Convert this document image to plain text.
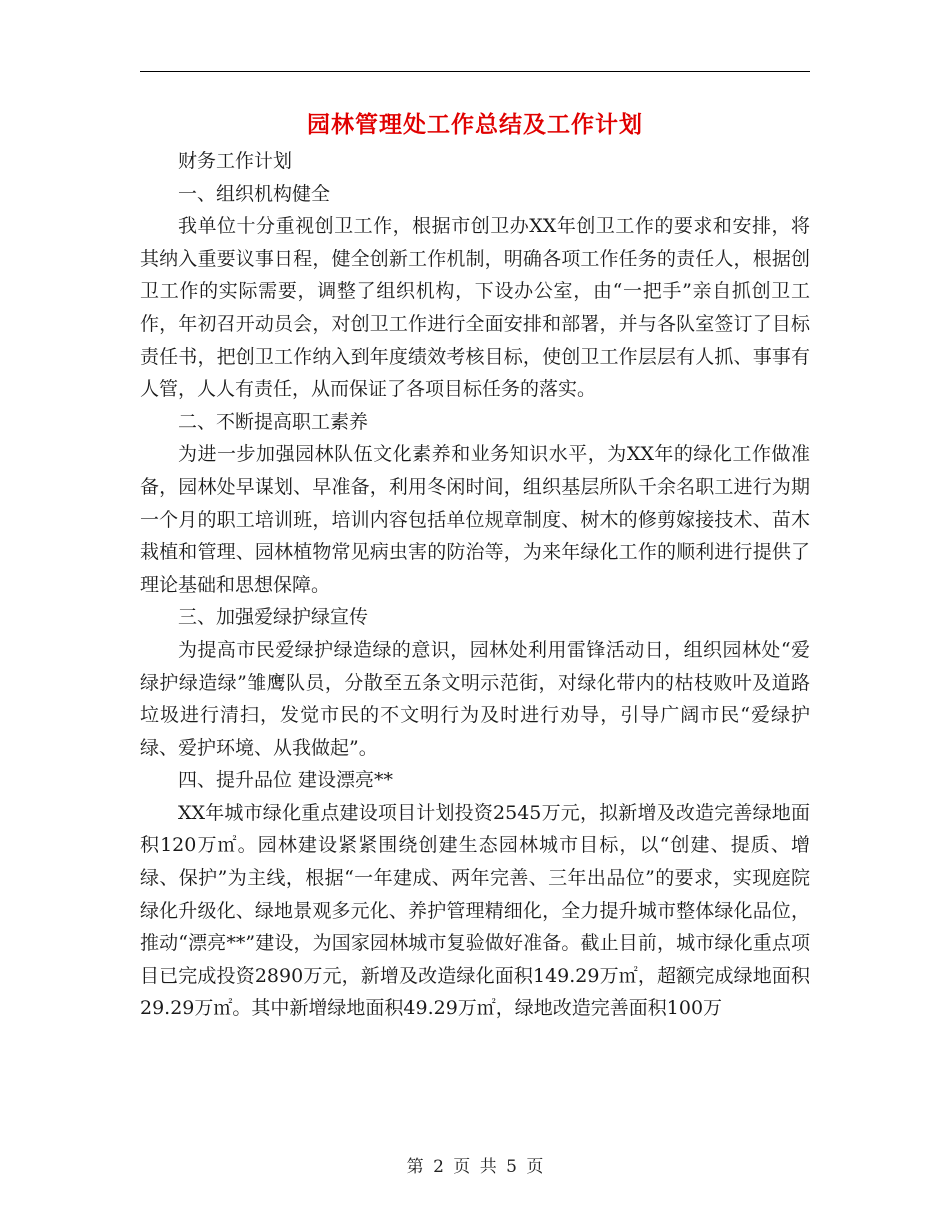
园林管理处工作总结及工作计划

财务工作计划

一、组织机构健全

我单位十分重视创卫工作，根据市创卫办XX年创卫工作的要求和安排，将其纳入重要议事日程，健全创新工作机制，明确各项工作任务的责任人，根据创卫工作的实际需要，调整了组织机构，下设办公室，由“一把手”亲自抓创卫工作，年初召开动员会，对创卫工作进行全面安排和部署，并与各队室签订了目标责任书，把创卫工作纳入到年度绩效考核目标，使创卫工作层层有人抓、事事有人管，人人有责任，从而保证了各项目标任务的落实。

二、不断提高职工素养

为进一步加强园林队伍文化素养和业务知识水平，为XX年的绿化工作做准备，园林处早谋划、早准备，利用冬闲时间，组织基层所队千余名职工进行为期一个月的职工培训班，培训内容包括单位规章制度、树木的修剪嫁接技术、苗木栽植和管理、园林植物常见病虫害的防治等，为来年绿化工作的顺利进行提供了理论基础和思想保障。

三、加强爱绿护绿宣传

为提高市民爱绿护绿造绿的意识，园林处利用雷锋活动日，组织园林处“爱绿护绿造绿”雏鹰队员，分散至五条文明示范街，对绿化带内的枯枝败叶及道路垃圾进行清扫，发觉市民的不文明行为及时进行劝导，引导广阔市民“爱绿护绿、爱护环境、从我做起”。

四、提升品位 建设漂亮**

XX年城市绿化重点建设项目计划投资2545万元，拟新增及改造完善绿地面积120万㎡。园林建设紧紧围绕创建生态园林城市目标，以“创建、提质、增绿、保护”为主线，根据“一年建成、两年完善、三年出品位”的要求，实现庭院绿化升级化、绿地景观多元化、养护管理精细化，全力提升城市整体绿化品位，推动“漂亮**”建设，为国家园林城市复验做好准备。截止目前，城市绿化重点项目已完成投资2890万元，新增及改造绿化面积149.29万㎡，超额完成绿地面积29.29万㎡。其中新增绿地面积49.29万㎡，绿地改造完善面积100万

第 2 页 共 5 页
